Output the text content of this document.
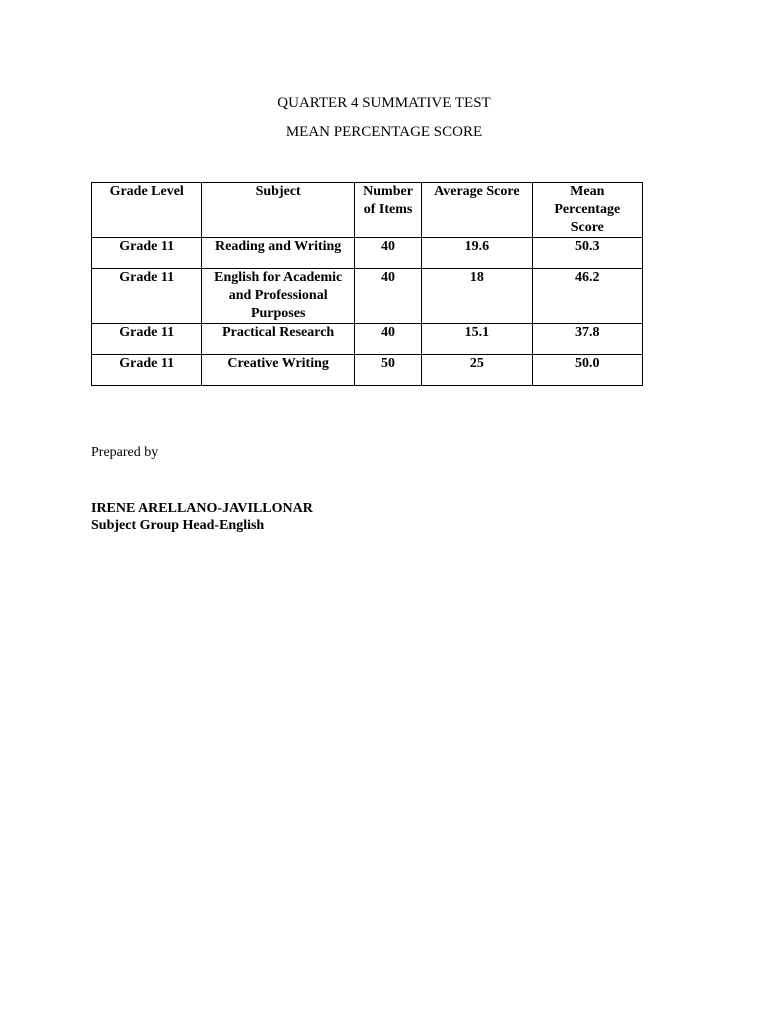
QUARTER 4 SUMMATIVE TEST
MEAN PERCENTAGE SCORE
Grade Level	Subject	Number of Items	Average Score	Mean Percentage Score
Grade 11	Reading and Writing	40	19.6	50.3
Grade 11	English for Academic and Professional Purposes	40	18	46.2
Grade 11	Practical Research	40	15.1	37.8
Grade 11	Creative Writing	50	25	50.0
Prepared by
IRENE ARELLANO-JAVILLONAR
Subject Group Head-English
